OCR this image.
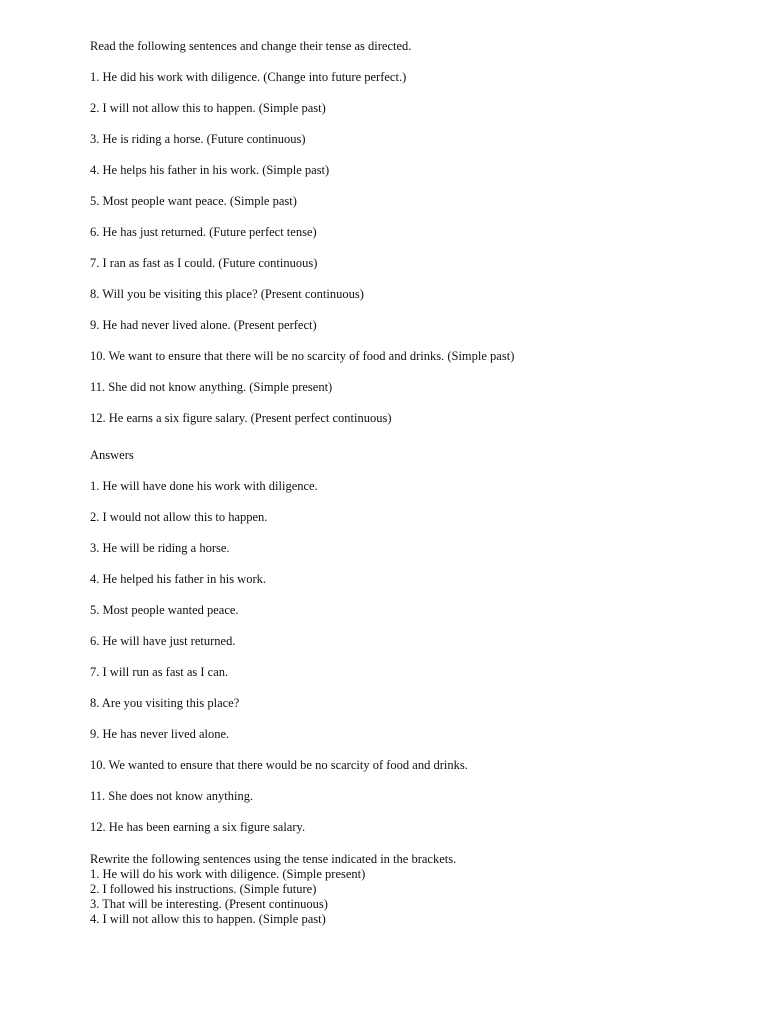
Read the following sentences and change their tense as directed.

1. He did his work with diligence. (Change into future perfect.)

2. I will not allow this to happen. (Simple past)

3. He is riding a horse. (Future continuous)

4. He helps his father in his work. (Simple past)

5. Most people want peace. (Simple past)

6. He has just returned. (Future perfect tense)

7. I ran as fast as I could. (Future continuous)

8. Will you be visiting this place? (Present continuous)

9. He had never lived alone. (Present perfect)

10. We want to ensure that there will be no scarcity of food and drinks. (Simple past)

11. She did not know anything. (Simple present)

12. He earns a six figure salary. (Present perfect continuous)

Answers

1. He will have done his work with diligence.

2. I would not allow this to happen.

3. He will be riding a horse.

4. He helped his father in his work.

5. Most people wanted peace.

6. He will have just returned.

7. I will run as fast as I can.

8. Are you visiting this place?

9. He has never lived alone.

10. We wanted to ensure that there would be no scarcity of food and drinks.

11. She does not know anything.

12. He has been earning a six figure salary.

Rewrite the following sentences using the tense indicated in the brackets.

1. He will do his work with diligence. (Simple present)

2. I followed his instructions. (Simple future)

3. That will be interesting. (Present continuous)

4. I will not allow this to happen. (Simple past)
